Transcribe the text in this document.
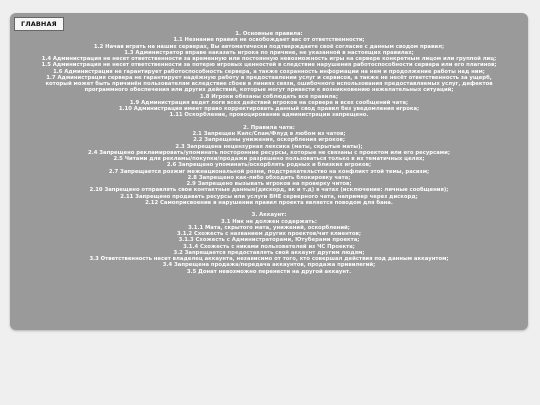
ГЛАВНАЯ
1. Основные правила:
1.1 Незнание правил не освобождает вас от ответственности;
1.2 Начав играть на наших серверах, Вы автоматически подтверждаете своё согласие с данным сводом правил;
1.3 Администратор вправе наказать игрока по причине, не указанной в настоящих правилах;
1.4 Администрация не несет ответственности за временную или постоянную невозможность игры на сервере конкретным лицом или группой лиц;
1.5 Администрация не несет ответственности за потерю игровых ценностей в следствие нарушения работоспособности сервера или его плагинов;
1.6 Администрация не гарантирует работоспособность сервера, а также сохранность информации на нем и продолжение работы над ним;
1.7 Администрация сервера не гарантирует надёжную работу в предоставлении услуг и сервисов, а также не несёт ответственность за ущерб,
который может быть причинён пользователям вследствие сбоев в линиях связи, ошибочного использования предоставляемых услуг, дефектов
программного обеспечения или других действий, которые могут привести к возникновению нежелательных ситуаций;
1.8 Игроки обязаны соблюдать все правила;
1.9 Администрация ведет логи всех действий игроков на сервере и всех сообщений чата;
1.10 Администрация имеет право корректировать данный свод правил без уведомления игрока;
1.11 Оскорбление, провоцирование администрации запрещено.
2. Правила чата:
2.1 Запрещен Капс/Спам/Флуд в любом из чатов;
2.2 Запрещены унижения, оскорбления игроков;
2.3 Запрещена нецензурная лексика (маты, скрытые маты);
2.4 Запрещено рекламировать/упоминать посторонние ресурсы, которые не связаны с проектом или его ресурсами;
2.5 Читами для рекламы/покупки/продажи разрешено пользоваться только в их тематичных целях;
2.6 Запрещено упоминать/оскорблять родных и близких игроков;
2.7 Запрещается розжиг межнациональной розни, подстрекательство на конфликт этой темы, расизм;
2.8 Запрещено как-либо обходить блокировку чата;
2.9 Запрещено вызывать игроков на проверку читов;
2.10 Запрещено отправлять свои контактные данные(дискорд, вк и т.д) в чатах (исключение: личные сообщения);
2.11 Запрещено продавать ресурсы или услуги ВНЕ серверного чата, например через дискорд;
2.12 Самоприсвоение в нарушении правил проекта является поводом для бана.
3. Аккаунт:
3.1 Ник не должен содержать:
3.1.1 Мата, скрытого мата, унижений, оскорблений;
3.1.2 Схожесть с названием других проектов/чит клиентов;
3.1.3 Схожесть с Администраторами, Ютуберами проекта;
3.1.4 Схожесть с никами пользователей из ЧС Проекта;
3.2 Запрещается предоставлять свой аккаунт другим людям;
3.3 Ответственность несет владелец аккаунта, независимо от того, кто совершал действия под данным аккаунтом;
3.4 Запрещена продажа/передача аккаунтов, продажа привилегий;
3.5 Донат невозможно перенести на другой аккаунт.
